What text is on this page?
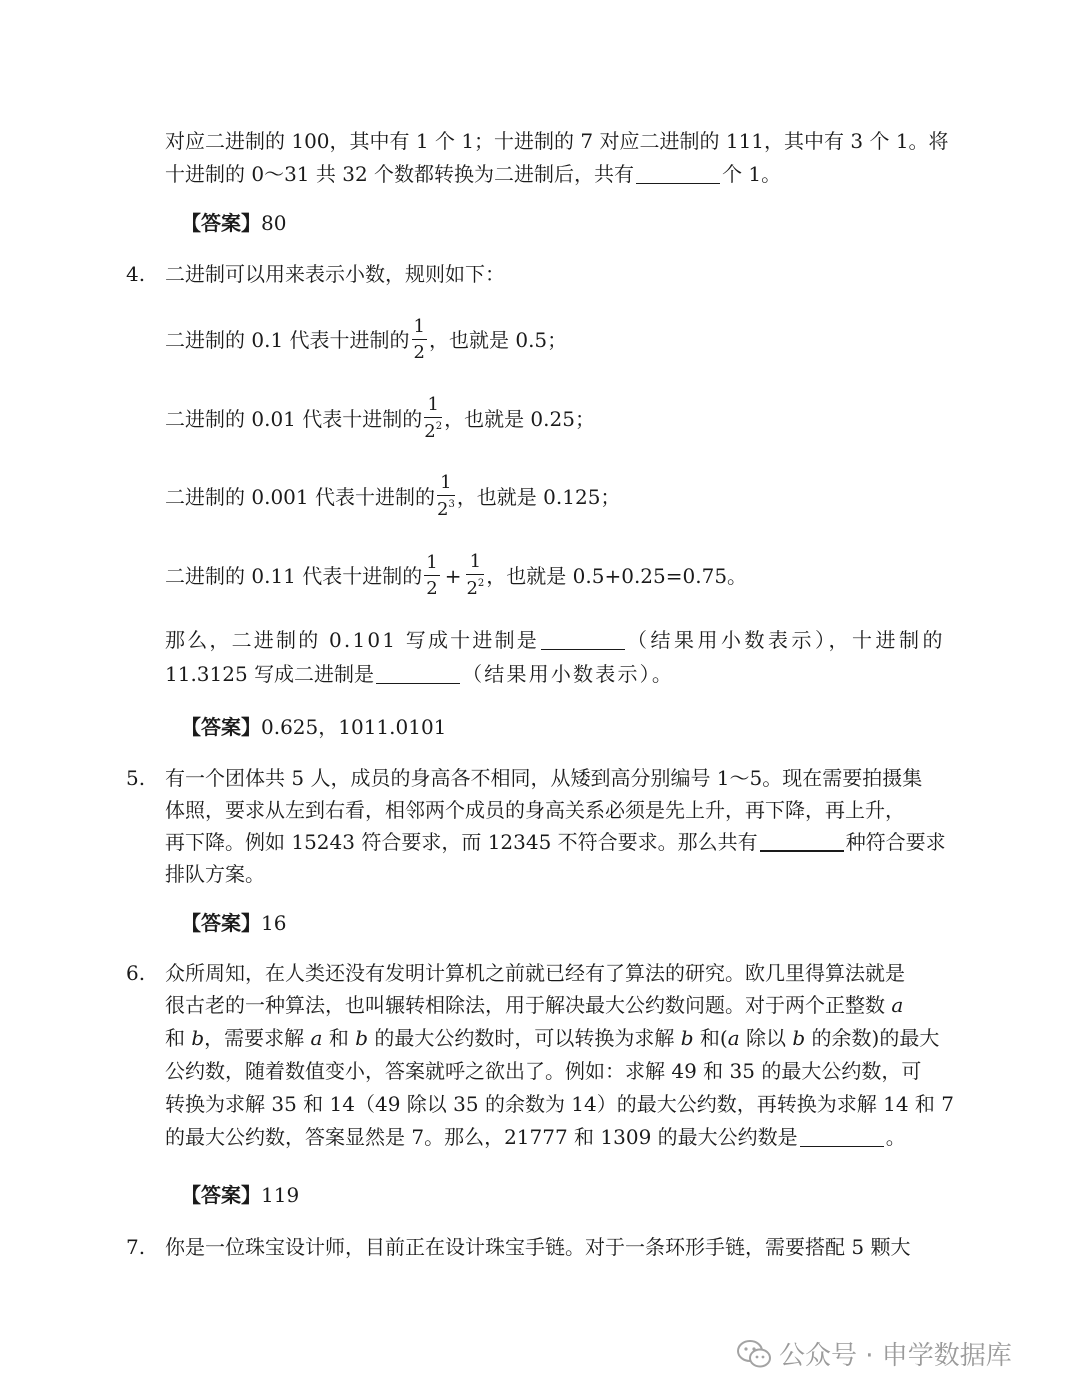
对应二进制的 100，其中有 1 个 1；十进制的 7 对应二进制的 111，其中有 3 个 1。将
十进制的 0～31 共 32 个数都转换为二进制后，共有	个 1。
【答案】80
4. 二进制可以用来表示小数，规则如下：
二进制的 0.1 代表十进制的 $\frac{1}{2}$ ，也就是 0.5；
二进制的 0.01 代表十进制的 $\frac{1}{2^2}$ ，也就是 0.25；
二进制的 0.001 代表十进制的 $\frac{1}{2^3}$ ，也就是 0.125；
二进制的 0.11 代表十进制的 $\frac{1}{2} + \frac{1}{2^2}$ ，也就是 0.5+0.25=0.75。
那么，二进制的 0.101 写成十进制是	（结果用小数表示），十进制的
11.3125 写成二进制是	（结果用小数表示）。
【答案】0.625，1011.0101
5. 有一个团体共 5 人，成员的身高各不相同，从矮到高分别编号 1～5。现在需要拍摄集
体照，要求从左到右看，相邻两个成员的身高关系必须是先上升，再下降，再上升，
再下降。例如 15243 符合要求，而 12345 不符合要求。那么共有	种符合要求
排队方案。
【答案】16
6. 众所周知，在人类还没有发明计算机之前就已经有了算法的研究。欧几里得算法就是
很古老的一种算法，也叫辗转相除法，用于解决最大公约数问题。对于两个正整数 a
和 b，需要求解 a 和 b 的最大公约数时，可以转换为求解 b 和(a 除以 b 的余数)的最大
公约数，随着数值变小，答案就呼之欲出了。例如：求解 49 和 35 的最大公约数，可
转换为求解 35 和 14（49 除以 35 的余数为 14）的最大公约数，再转换为求解 14 和 7
的最大公约数，答案显然是 7。那么，21777 和 1309 的最大公约数是	。
【答案】119
7. 你是一位珠宝设计师，目前正在设计珠宝手链。对于一条环形手链，需要搭配 5 颗大
公众号 · 申学数据库
